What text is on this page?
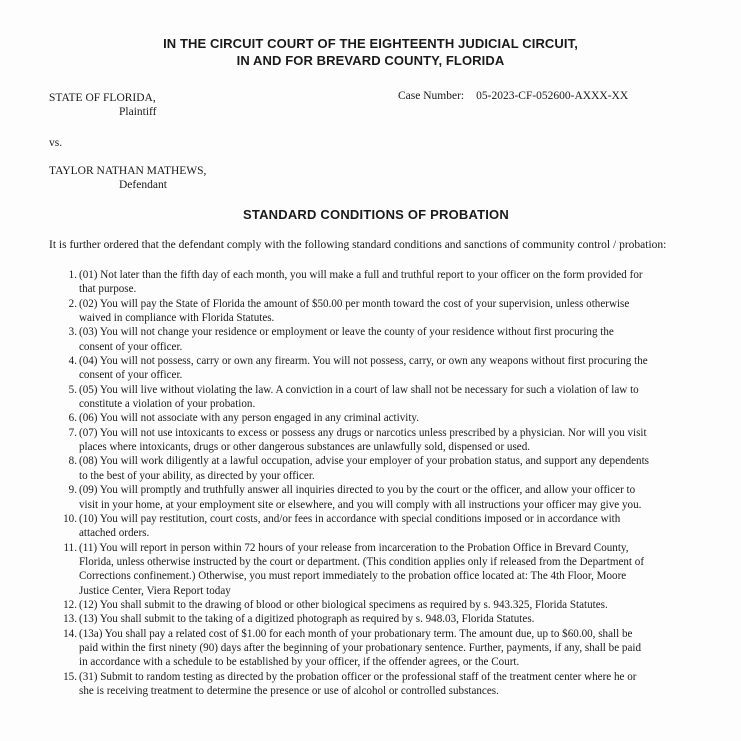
IN THE CIRCUIT COURT OF THE EIGHTEENTH JUDICIAL CIRCUIT,
IN AND FOR BREVARD COUNTY, FLORIDA
STATE OF FLORIDA,
Plaintiff
Case Number: 05-2023-CF-052600-AXXX-XX
vs.
TAYLOR NATHAN MATHEWS,
Defendant
STANDARD CONDITIONS OF PROBATION
It is further ordered that the defendant comply with the following standard conditions and sanctions of community control / probation:
1. (01) Not later than the fifth day of each month, you will make a full and truthful report to your officer on the form provided for that purpose.
2. (02) You will pay the State of Florida the amount of $50.00 per month toward the cost of your supervision, unless otherwise waived in compliance with Florida Statutes.
3. (03) You will not change your residence or employment or leave the county of your residence without first procuring the consent of your officer.
4. (04) You will not possess, carry or own any firearm. You will not possess, carry, or own any weapons without first procuring the consent of your officer.
5. (05) You will live without violating the law. A conviction in a court of law shall not be necessary for such a violation of law to constitute a violation of your probation.
6. (06) You will not associate with any person engaged in any criminal activity.
7. (07) You will not use intoxicants to excess or possess any drugs or narcotics unless prescribed by a physician. Nor will you visit places where intoxicants, drugs or other dangerous substances are unlawfully sold, dispensed or used.
8. (08) You will work diligently at a lawful occupation, advise your employer of your probation status, and support any dependents to the best of your ability, as directed by your officer.
9. (09) You will promptly and truthfully answer all inquiries directed to you by the court or the officer, and allow your officer to visit in your home, at your employment site or elsewhere, and you will comply with all instructions your officer may give you.
10. (10) You will pay restitution, court costs, and/or fees in accordance with special conditions imposed or in accordance with attached orders.
11. (11) You will report in person within 72 hours of your release from incarceration to the Probation Office in Brevard County, Florida, unless otherwise instructed by the court or department. (This condition applies only if released from the Department of Corrections confinement.) Otherwise, you must report immediately to the probation office located at: The 4th Floor, Moore Justice Center, Viera Report today
12. (12) You shall submit to the drawing of blood or other biological specimens as required by s. 943.325, Florida Statutes.
13. (13) You shall submit to the taking of a digitized photograph as required by s. 948.03, Florida Statutes.
14. (13a) You shall pay a related cost of $1.00 for each month of your probationary term. The amount due, up to $60.00, shall be paid within the first ninety (90) days after the beginning of your probationary sentence. Further, payments, if any, shall be paid in accordance with a schedule to be established by your officer, if the offender agrees, or the Court.
15. (31) Submit to random testing as directed by the probation officer or the professional staff of the treatment center where he or she is receiving treatment to determine the presence or use of alcohol or controlled substances.
